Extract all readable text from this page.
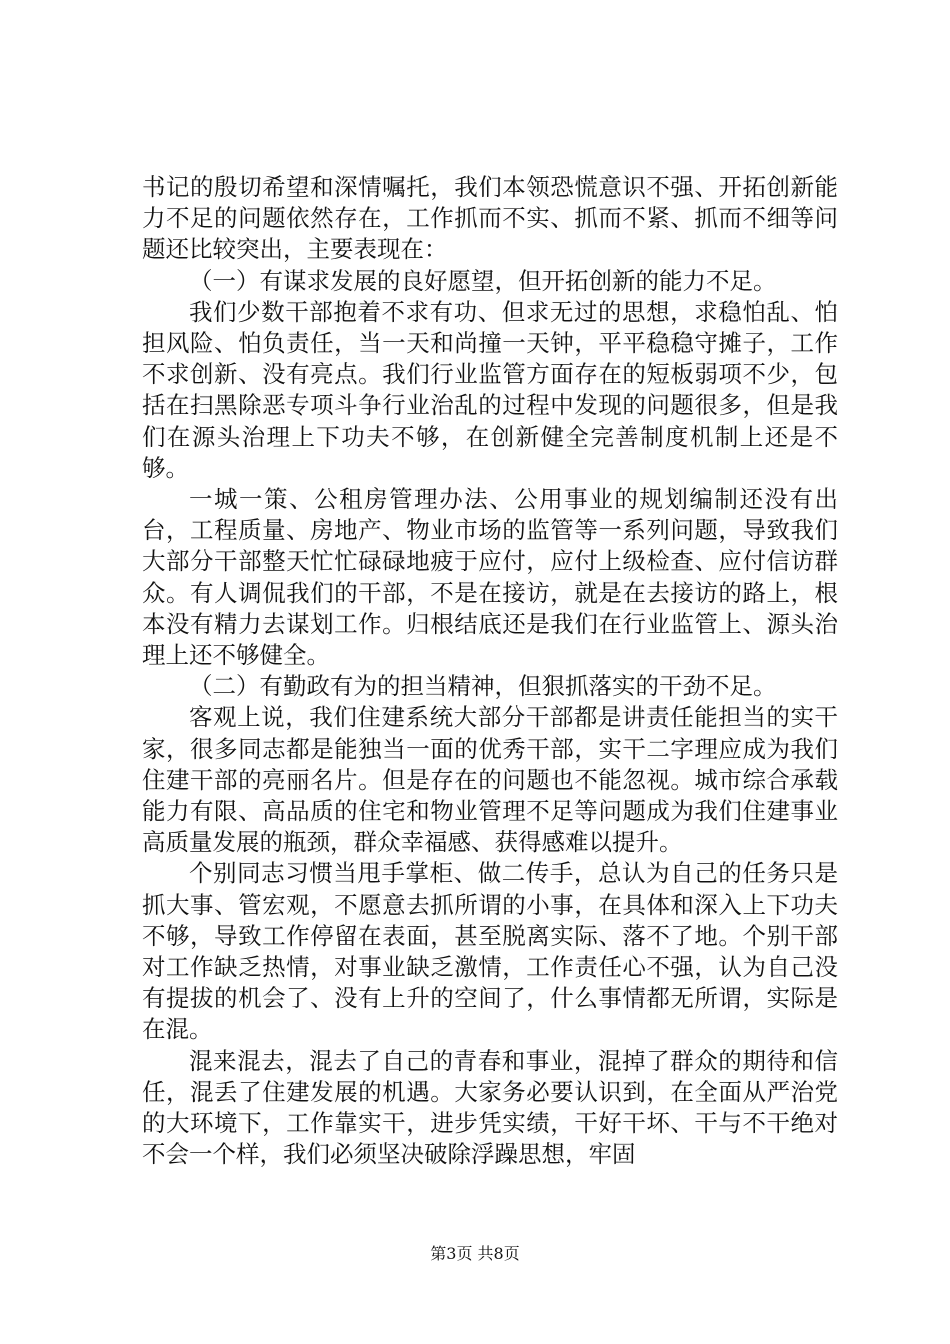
书记的殷切希望和深情嘱托，我们本领恐慌意识不强、开拓创新能力不足的问题依然存在，工作抓而不实、抓而不紧、抓而不细等问题还比较突出，主要表现在：

（一）有谋求发展的良好愿望，但开拓创新的能力不足。

我们少数干部抱着不求有功、但求无过的思想，求稳怕乱、怕担风险、怕负责任，当一天和尚撞一天钟，平平稳稳守摊子，工作不求创新、没有亮点。我们行业监管方面存在的短板弱项不少，包括在扫黑除恶专项斗争行业治乱的过程中发现的问题很多，但是我们在源头治理上下功夫不够，在创新健全完善制度机制上还是不够。

一城一策、公租房管理办法、公用事业的规划编制还没有出台，工程质量、房地产、物业市场的监管等一系列问题，导致我们大部分干部整天忙忙碌碌地疲于应付，应付上级检查、应付信访群众。有人调侃我们的干部，不是在接访，就是在去接访的路上，根本没有精力去谋划工作。归根结底还是我们在行业监管上、源头治理上还不够健全。

（二）有勤政有为的担当精神，但狠抓落实的干劲不足。

客观上说，我们住建系统大部分干部都是讲责任能担当的实干家，很多同志都是能独当一面的优秀干部，实干二字理应成为我们住建干部的亮丽名片。但是存在的问题也不能忽视。城市综合承载能力有限、高品质的住宅和物业管理不足等问题成为我们住建事业高质量发展的瓶颈，群众幸福感、获得感难以提升。

个别同志习惯当甩手掌柜、做二传手，总认为自己的任务只是抓大事、管宏观，不愿意去抓所谓的小事，在具体和深入上下功夫不够，导致工作停留在表面，甚至脱离实际、落不了地。个别干部对工作缺乏热情，对事业缺乏激情，工作责任心不强，认为自己没有提拔的机会了、没有上升的空间了，什么事情都无所谓，实际是在混。

混来混去，混去了自己的青春和事业，混掉了群众的期待和信任，混丢了住建发展的机遇。大家务必要认识到，在全面从严治党的大环境下，工作靠实干，进步凭实绩，干好干坏、干与不干绝对不会一个样，我们必须坚决破除浮躁思想，牢固

第3页 共8页
